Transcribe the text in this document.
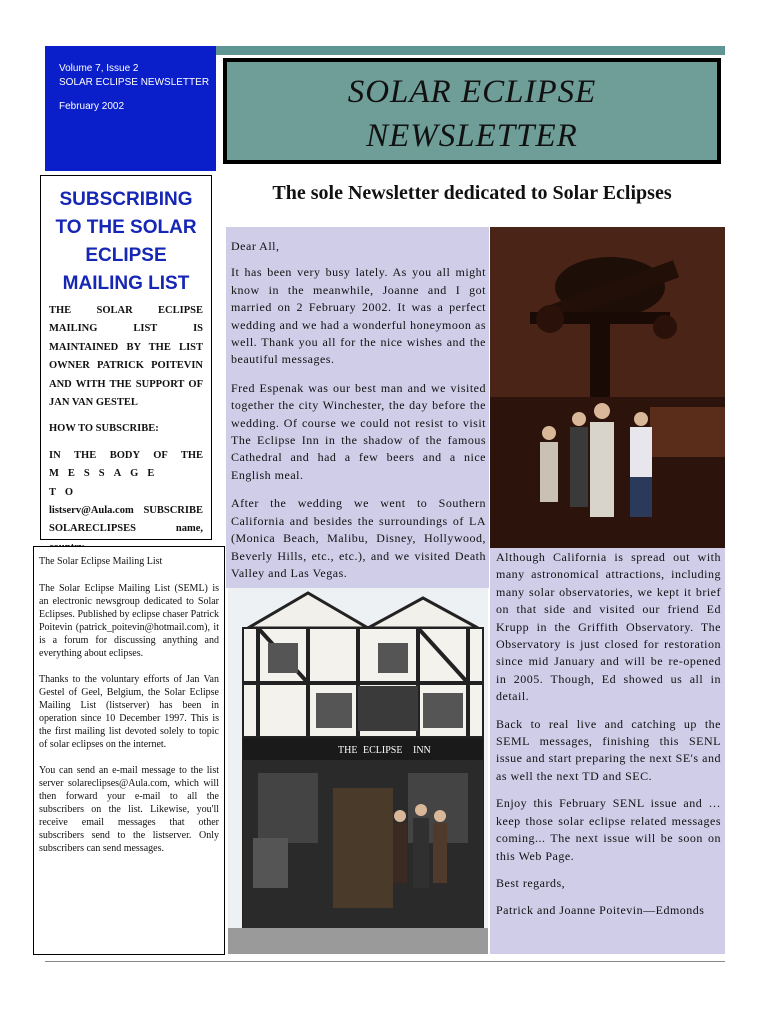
Volume 7, Issue 2
SOLAR ECLIPSE NEWSLETTER
February 2002	SOLAR ECLIPSE
NEWSLETTER
The sole Newsletter dedicated to Solar Eclipses
SUBSCRIBING TO THE SOLAR ECLIPSE MAILING LIST

THE SOLAR ECLIPSE MAILING LIST IS MAINTAINED BY THE LIST OWNER PATRICK POITEVIN AND WITH THE SUPPORT OF JAN VAN GESTEL

HOW TO SUBSCRIBE:

IN THE BODY OF THE
MESSAGE TO
listserv@Aula.com SUBSCRIBE SOLARECLIPSES name,
The Solar Eclipse Mailing List

The Solar Eclipse Mailing List (SEML) is an electronic newsgroup dedicated to Solar Eclipses. Published by eclipse chaser Patrick Poitevin (patrick_poitevin@hotmail.com), it is a forum for discussing anything and everything about eclipses.

Thanks to the voluntary efforts of Jan Van Gestel of Geel, Belgium, the Solar Eclipse Mailing List (listserver) has been in operation since 10 December 1997. This is the first mailing list devoted solely to topic of solar eclipses on the internet.

You can send an e-mail message to the list server solareclipses@Aula.com, which will then forward your e-mail to all the subscribers on the list. Likewise, you'll receive email messages that other subscribers send to the listserver. Only subscribers can send messages.

Dear All,

It has been very busy lately. As you all might know in the meanwhile, Joanne and I got married on 2 February 2002. It was a perfect wedding and we had a wonderful honeymoon as well. Thank you all for the nice wishes and the beautiful messages.

Fred Espenak was our best man and we visited together the city Winchester, the day before the wedding. Of course we could not resist to visit The Eclipse Inn in the shadow of the famous Cathedral and had a few beers and a nice English meal.

After the wedding we went to Southern California and besides the surroundings of LA (Monica Beach, Malibu, Disney, Hollywood, Beverly Hills, etc., etc.), and we visited Death Valley and Las Vegas.

THE ECLIPSE INN

Although California is spread out with many astronomical attractions, including many solar observatories, we kept it brief on that side and visited our friend Ed Krupp in the Griffith Observatory. The Observatory is just closed for restoration since mid January and will be re-opened in 2005. Though, Ed showed us all in detail.

Back to real live and catching up the SEML messages, finishing this SENL issue and start preparing the next SE's and as well the next TD and SEC.

Enjoy this February SENL issue and … keep those solar eclipse related messages coming... The next issue will be soon on this Web Page.

Best regards,

Patrick and Joanne Poitevin—Edmonds
